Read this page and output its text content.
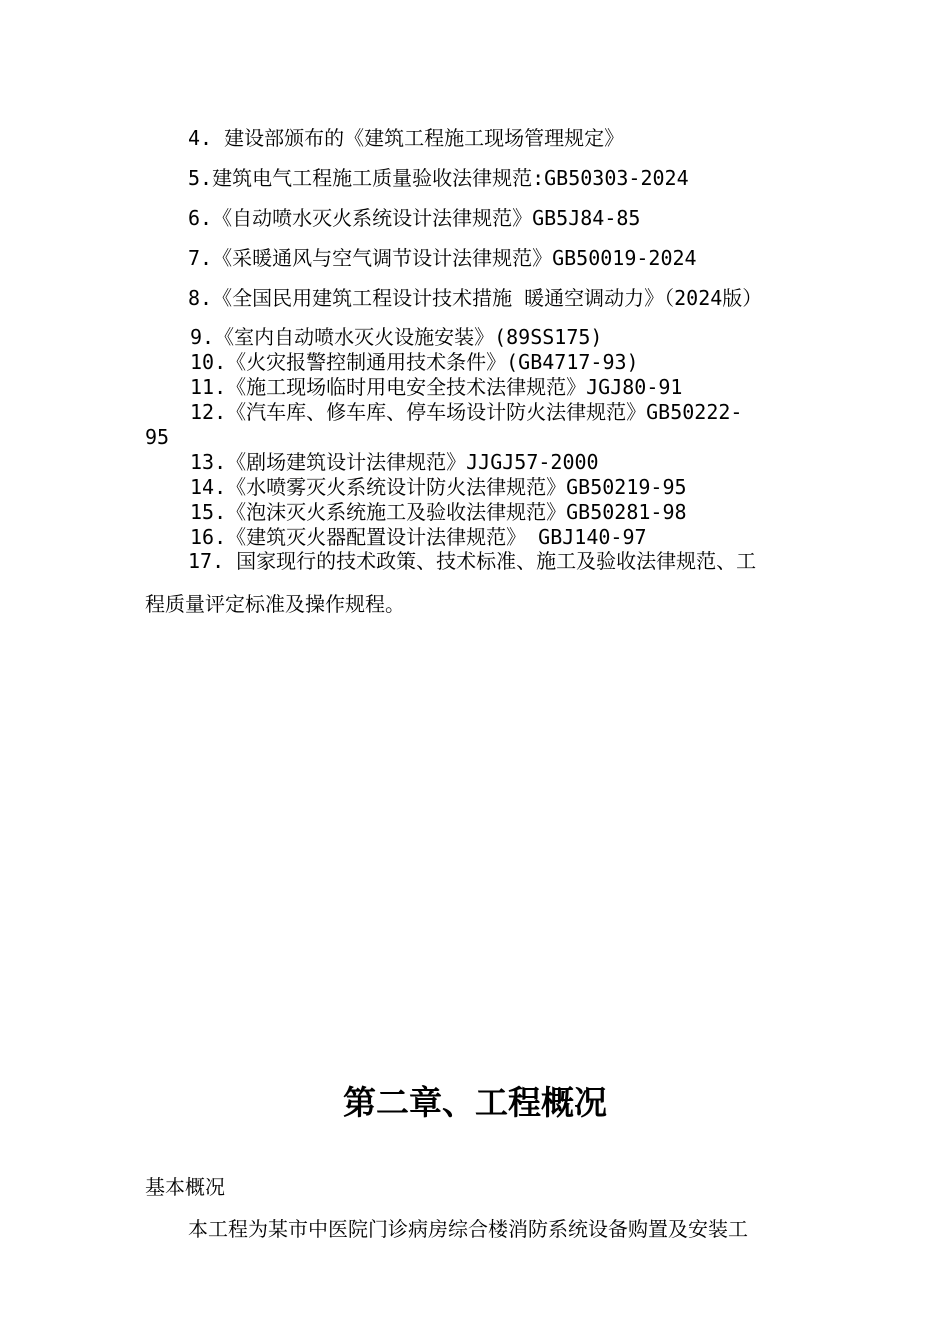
4. 建设部颁布的《建筑工程施工现场管理规定》
5.建筑电气工程施工质量验收法律规范:GB50303-2024
6.《自动喷水灭火系统设计法律规范》GB5J84-85
7.《采暖通风与空气调节设计法律规范》GB50019-2024
8.《全国民用建筑工程设计技术措施 暖通空调动力》（2024版）
9.《室内自动喷水灭火设施安装》(89SS175)
10.《火灾报警控制通用技术条件》(GB4717-93)
11.《施工现场临时用电安全技术法律规范》JGJ80-91
12.《汽车库、修车库、停车场设计防火法律规范》GB50222-
95
13.《剧场建筑设计法律规范》JJGJ57-2000
14.《水喷雾灭火系统设计防火法律规范》GB50219-95
15.《泡沫灭火系统施工及验收法律规范》GB50281-98
16.《建筑灭火器配置设计法律规范》 GBJ140-97
17. 国家现行的技术政策、技术标准、施工及验收法律规范、工
程质量评定标准及操作规程。
第二章、工程概况
基本概况
本工程为某市中医院门诊病房综合楼消防系统设备购置及安装工
